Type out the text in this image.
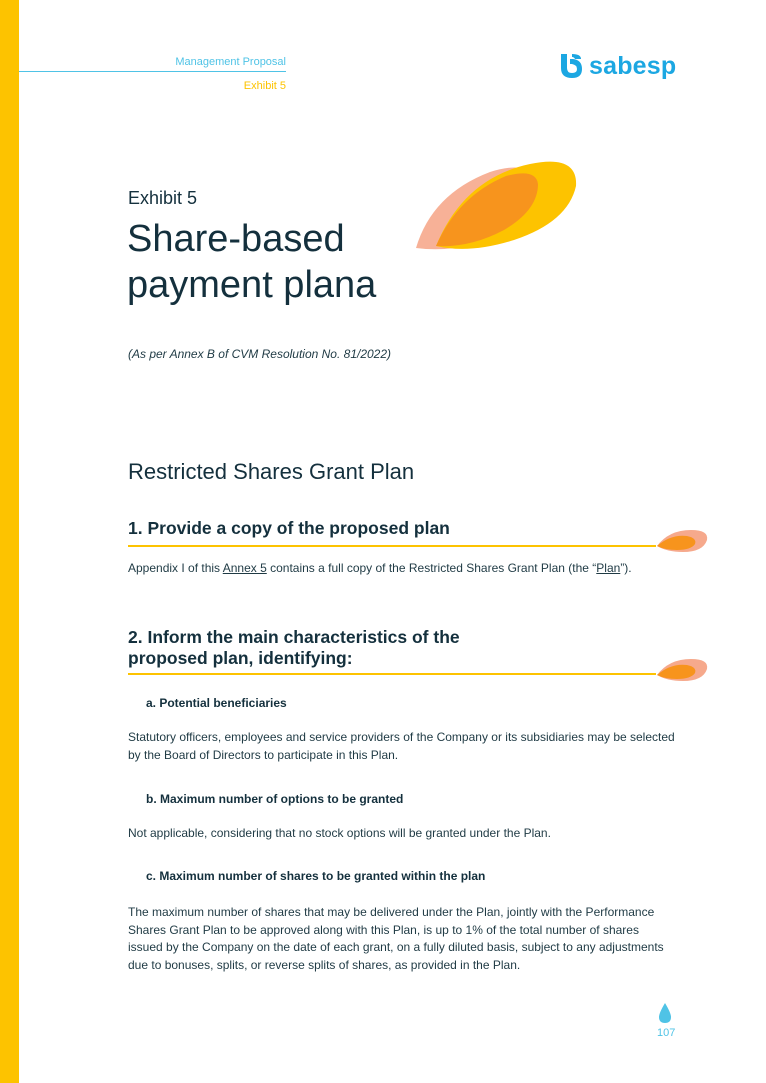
Management Proposal
Exhibit 5
sabesp
Exhibit 5
Share-based payment plana
(As per Annex B of CVM Resolution No. 81/2022)
Restricted Shares Grant Plan
1. Provide a copy of the proposed plan

Appendix I of this Annex 5 contains a full copy of the Restricted Shares Grant Plan (the “Plan”).

2. Inform the main characteristics of the proposed plan, identifying:
a. Potential beneficiaries

Statutory officers, employees and service providers of the Company or its subsidiaries may be selected by the Board of Directors to participate in this Plan.

b. Maximum number of options to be granted

Not applicable, considering that no stock options will be granted under the Plan.

c. Maximum number of shares to be granted within the plan

The maximum number of shares that may be delivered under the Plan, jointly with the Performance Shares Grant Plan to be approved along with this Plan, is up to 1% of the total number of shares issued by the Company on the date of each grant, on a fully diluted basis, subject to any adjustments due to bonuses, splits, or reverse splits of shares, as provided in the Plan.

107
